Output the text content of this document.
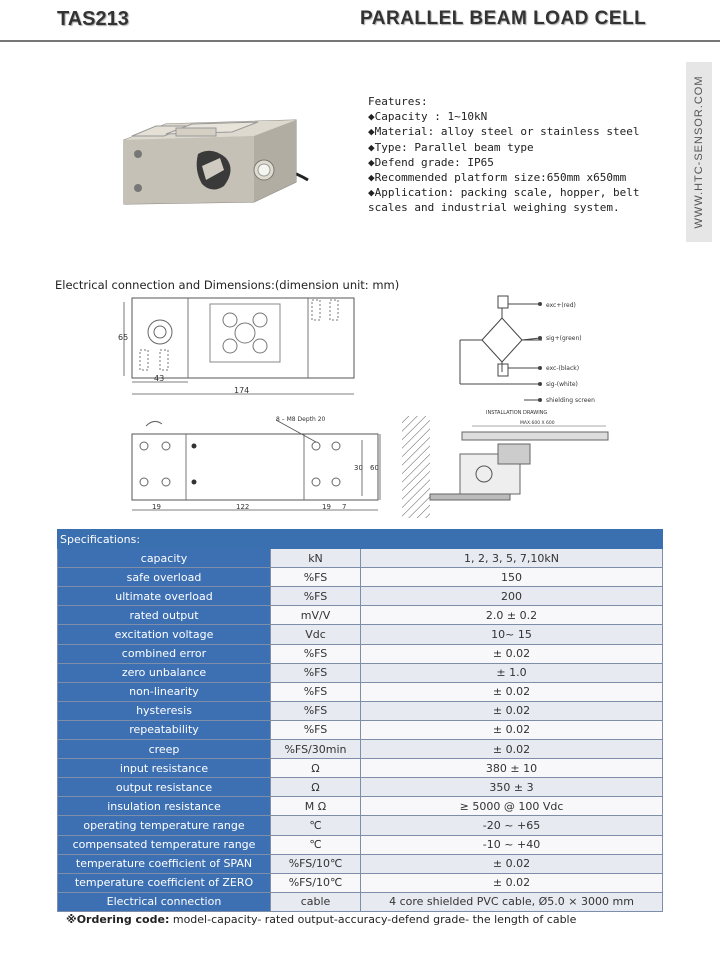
TAS213	PARALLEL BEAM LOAD CELL
WWW.HTC-SENSOR.COM
Features:
◆Capacity : 1~10kN
◆Material: alloy steel or stainless steel
◆Type: Parallel beam type
◆Defend grade: IP65
◆Recommended platform size:650mm x650mm
◆Application: packing scale, hopper, belt scales and industrial weighing system.
Electrical connection and Dimensions:(dimension unit: mm)
65
43
174
exc+(red)
sig+(green)
exc-(black)
sig-(white)
shielding screen
INSTALLATION DRAWING
8 – M8 Depth 20
30 60
19	122	19 7
MAX.600 X 600
Specifications:		
capacity	kN	1, 2, 3, 5, 7,10kN
safe overload	%FS	150
ultimate overload	%FS	200
rated output	mV/V	2.0 ± 0.2
excitation voltage	Vdc	10~ 15
combined error	%FS	± 0.02
zero unbalance	%FS	± 1.0
non-linearity	%FS	± 0.02
hysteresis	%FS	± 0.02
repeatability	%FS	± 0.02
creep	%FS/30min	± 0.02
input resistance	Ω	380 ± 10
output resistance	Ω	350 ± 3
insulation resistance	M Ω	≥ 5000 @ 100 Vdc
operating temperature range	℃	-20 ~ +65
compensated temperature range	℃	-10 ~ +40
temperature coefficient of SPAN	%FS/10℃	± 0.02
temperature coefficient of ZERO	%FS/10℃	± 0.02
Electrical connection	cable	4 core shielded PVC cable, Ø5.0 × 3000 mm
※Ordering code: model-capacity- rated output-accuracy-defend grade- the length of cable
